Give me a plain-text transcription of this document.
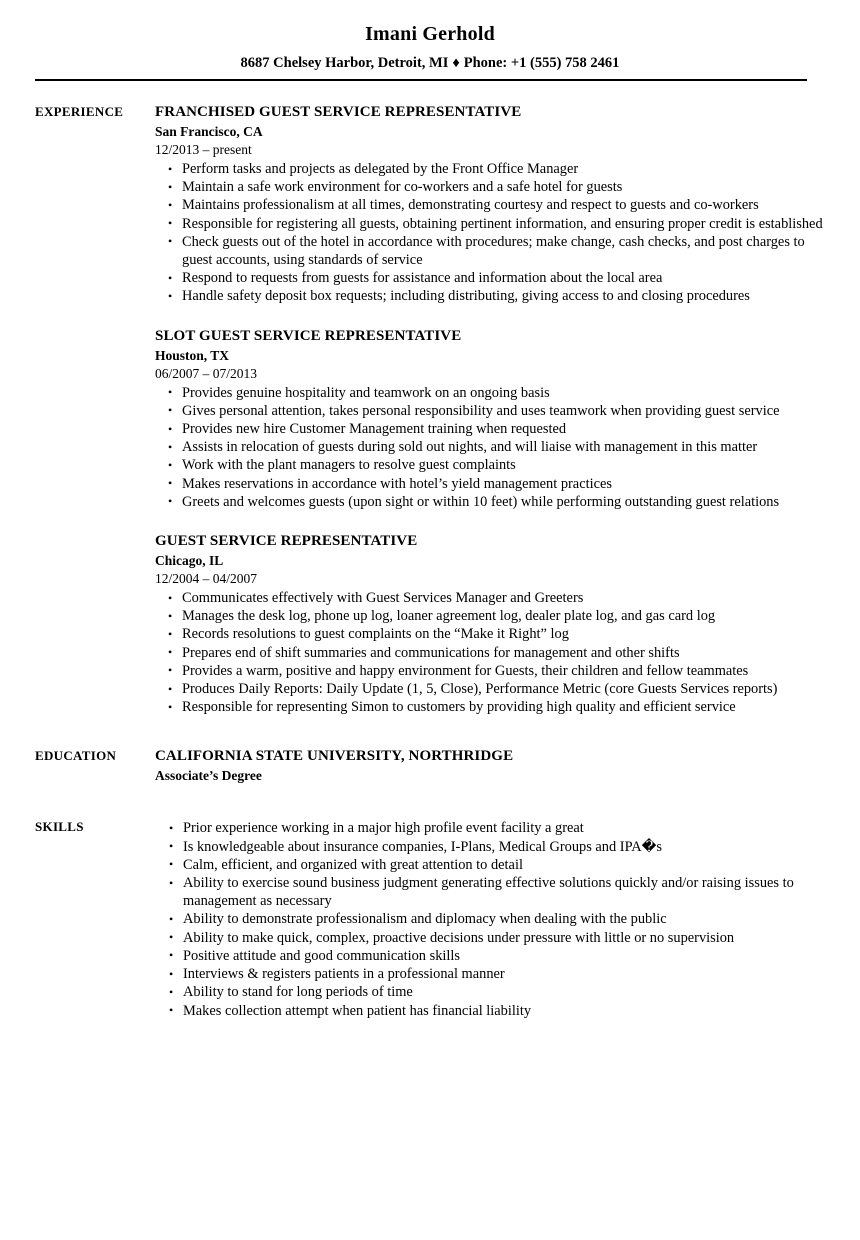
Imani Gerhold
8687 Chelsey Harbor, Detroit, MI ♦ Phone: +1 (555) 758 2461
EXPERIENCE	FRANCHISED GUEST SERVICE REPRESENTATIVE
San Francisco, CA
12/2013 – present
• Perform tasks and projects as delegated by the Front Office Manager
• Maintain a safe work environment for co-workers and a safe hotel for guests
• Maintains professionalism at all times, demonstrating courtesy and respect to guests and co-workers
• Responsible for registering all guests, obtaining pertinent information, and ensuring proper credit is established
• Check guests out of the hotel in accordance with procedures; make change, cash checks, and post charges to guest accounts, using standards of service
• Respond to requests from guests for assistance and information about the local area
• Handle safety deposit box requests; including distributing, giving access to and closing procedures
SLOT GUEST SERVICE REPRESENTATIVE
Houston, TX
06/2007 – 07/2013
• Provides genuine hospitality and teamwork on an ongoing basis
• Gives personal attention, takes personal responsibility and uses teamwork when providing guest service
• Provides new hire Customer Management training when requested
• Assists in relocation of guests during sold out nights, and will liaise with management in this matter
• Work with the plant managers to resolve guest complaints
• Makes reservations in accordance with hotel’s yield management practices
• Greets and welcomes guests (upon sight or within 10 feet) while performing outstanding guest relations
GUEST SERVICE REPRESENTATIVE
Chicago, IL
12/2004 – 04/2007
• Communicates effectively with Guest Services Manager and Greeters
• Manages the desk log, phone up log, loaner agreement log, dealer plate log, and gas card log
• Records resolutions to guest complaints on the “Make it Right” log
• Prepares end of shift summaries and communications for management and other shifts
• Provides a warm, positive and happy environment for Guests, their children and fellow teammates
• Produces Daily Reports: Daily Update (1, 5, Close), Performance Metric (core Guests Services reports)
• Responsible for representing Simon to customers by providing high quality and efficient service
EDUCATION	CALIFORNIA STATE UNIVERSITY, NORTHRIDGE
Associate’s Degree
SKILLS	• Prior experience working in a major high profile event facility a great
• Is knowledgeable about insurance companies, I-Plans, Medical Groups and IPA�s
• Calm, efficient, and organized with great attention to detail
• Ability to exercise sound business judgment generating effective solutions quickly and/or raising issues to management as necessary
• Ability to demonstrate professionalism and diplomacy when dealing with the public
• Ability to make quick, complex, proactive decisions under pressure with little or no supervision
• Positive attitude and good communication skills
• Interviews & registers patients in a professional manner
• Ability to stand for long periods of time
• Makes collection attempt when patient has financial liability
